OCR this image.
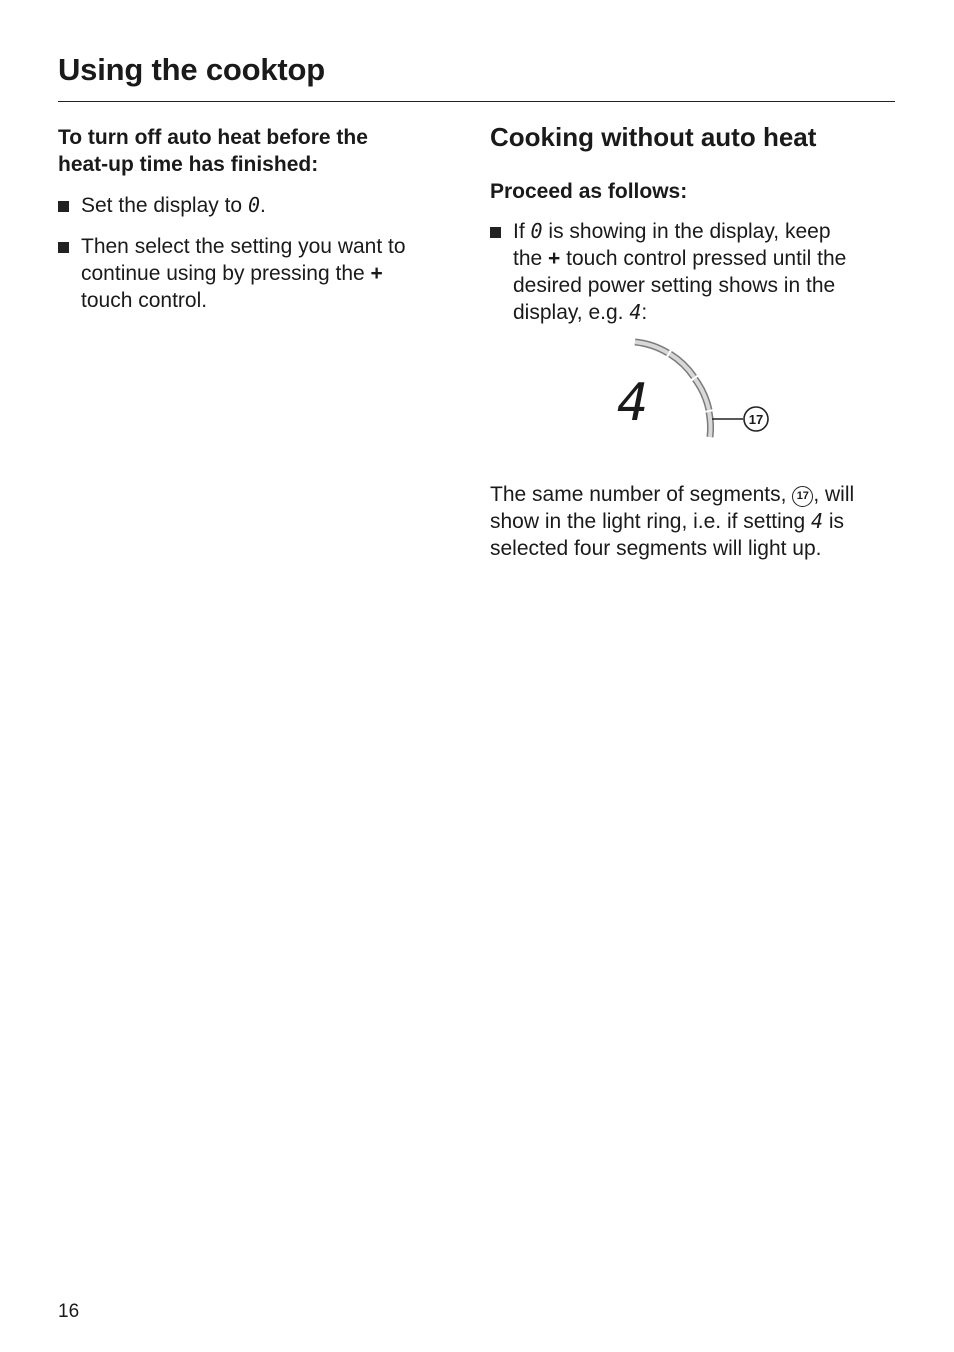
Using the cooktop

To turn off auto heat before the
heat-up time has finished:

Set the display to 0.

Then select the setting you want to
continue using by pressing the +
touch control.

Cooking without auto heat

Proceed as follows:

If 0 is showing in the display, keep
the + touch control pressed until the
desired power setting shows in the
display, e.g. 4:

4	17

The same number of segments, 17 , will
show in the light ring, i.e. if setting 4 is
selected four segments will light up.

16
